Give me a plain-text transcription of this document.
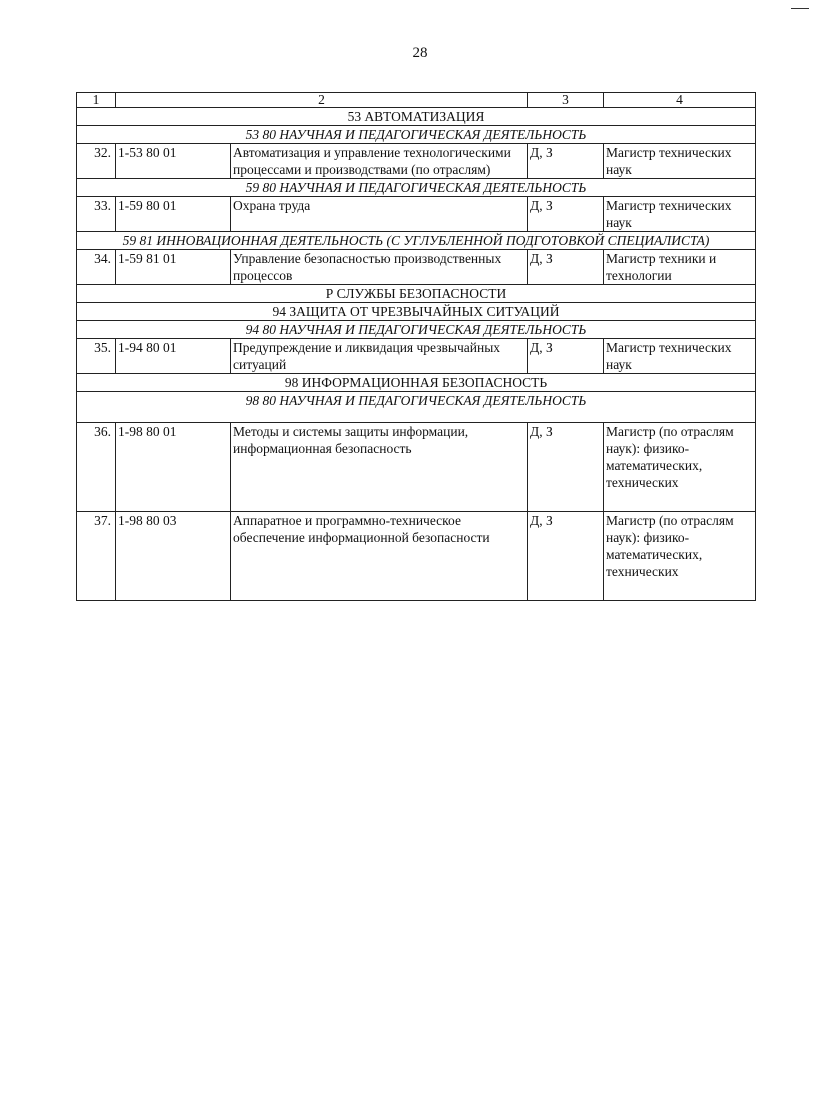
28
1	2	3	4
53 АВТОМАТИЗАЦИЯ			
53 80 НАУЧНАЯ И ПЕДАГОГИЧЕСКАЯ ДЕЯТЕЛЬНОСТЬ			
32.	1-53 80 01 Автоматизация и управление технологическими процессами и производствами (по отраслям)	Д, З	Магистр технических наук
59 80 НАУЧНАЯ И ПЕДАГОГИЧЕСКАЯ ДЕЯТЕЛЬНОСТЬ			
33.	1-59 80 01 Охрана труда	Д, З	Магистр технических наук
59 81 ИННОВАЦИОННАЯ ДЕЯТЕЛЬНОСТЬ (С УГЛУБЛЕННОЙ ПОДГОТОВКОЙ СПЕЦИАЛИСТА)			
34.	1-59 81 01 Управление безопасностью производственных процессов	Д, З	Магистр техники и технологии
Р СЛУЖБЫ БЕЗОПАСНОСТИ			
94 ЗАЩИТА ОТ ЧРЕЗВЫЧАЙНЫХ СИТУАЦИЙ			
94 80 НАУЧНАЯ И ПЕДАГОГИЧЕСКАЯ ДЕЯТЕЛЬНОСТЬ			
35.	1-94 80 01 Предупреждение и ликвидация чрезвычайных ситуаций	Д, З	Магистр технических наук
98 ИНФОРМАЦИОННАЯ БЕЗОПАСНОСТЬ			
98 80 НАУЧНАЯ И ПЕДАГОГИЧЕСКАЯ ДЕЯТЕЛЬНОСТЬ			
36.	1-98 80 01 Методы и системы защиты информации, информационная безопасность	Д, З	Магистр (по отраслям наук): физико-математических, технических
37.	1-98 80 03 Аппаратное и программно-техническое обеспечение информационной безопасности	Д, З	Магистр (по отраслям наук): физико-математических, технических
